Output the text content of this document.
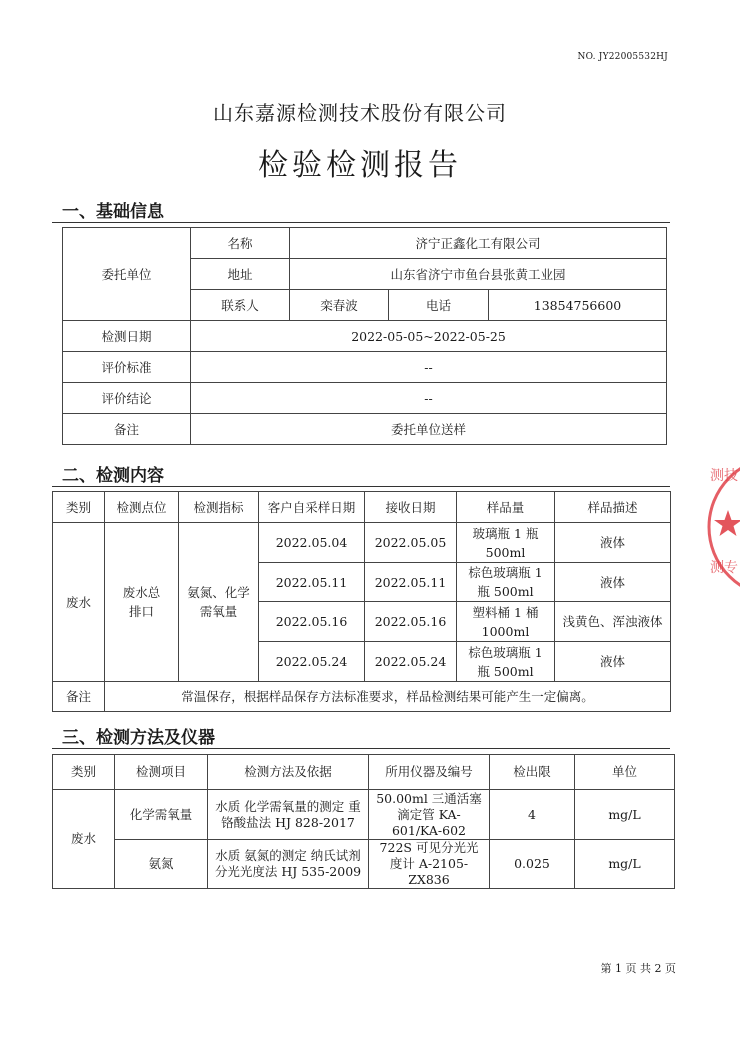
NO. JY22005532HJ
山东嘉源检测技术股份有限公司
检验检测报告
一、基础信息
委托单位	名称	济宁正鑫化工有限公司		
	地址	山东省济宁市鱼台县张黄工业园		
	联系人	栾春波	电话	13854756600
检测日期	2022-05-05~2022-05-25			
评价标准	--			
评价结论	--			
备注	委托单位送样			
二、检测内容
类别	检测点位	检测指标	客户自采样日期	接收日期	样品量	样品描述
废水	废水总排口	氨氮、化学需氧量	2022.05.04	2022.05.05	玻璃瓶 1 瓶 500ml	液体
			2022.05.11	2022.05.11	棕色玻璃瓶 1 瓶 500ml	液体
			2022.05.16	2022.05.16	塑料桶 1 桶 1000ml	浅黄色、浑浊液体
			2022.05.24	2022.05.24	棕色玻璃瓶 1 瓶 500ml	液体
备注	常温保存，根据样品保存方法标准要求，样品检测结果可能产生一定偏离。					
三、检测方法及仪器
类别	检测项目	检测方法及依据	所用仪器及编号	检出限	单位
废水	化学需氧量	水质 化学需氧量的测定 重铬酸盐法 HJ 828-2017	50.00ml 三通活塞滴定管 KA-601/KA-602	4	mg/L
	氨氮	水质 氨氮的测定 纳氏试剂分光光度法 HJ 535-2009	722S 可见分光光度计 A-2105-ZX836	0.025	mg/L
第 1 页 共 2 页
测技
测专
